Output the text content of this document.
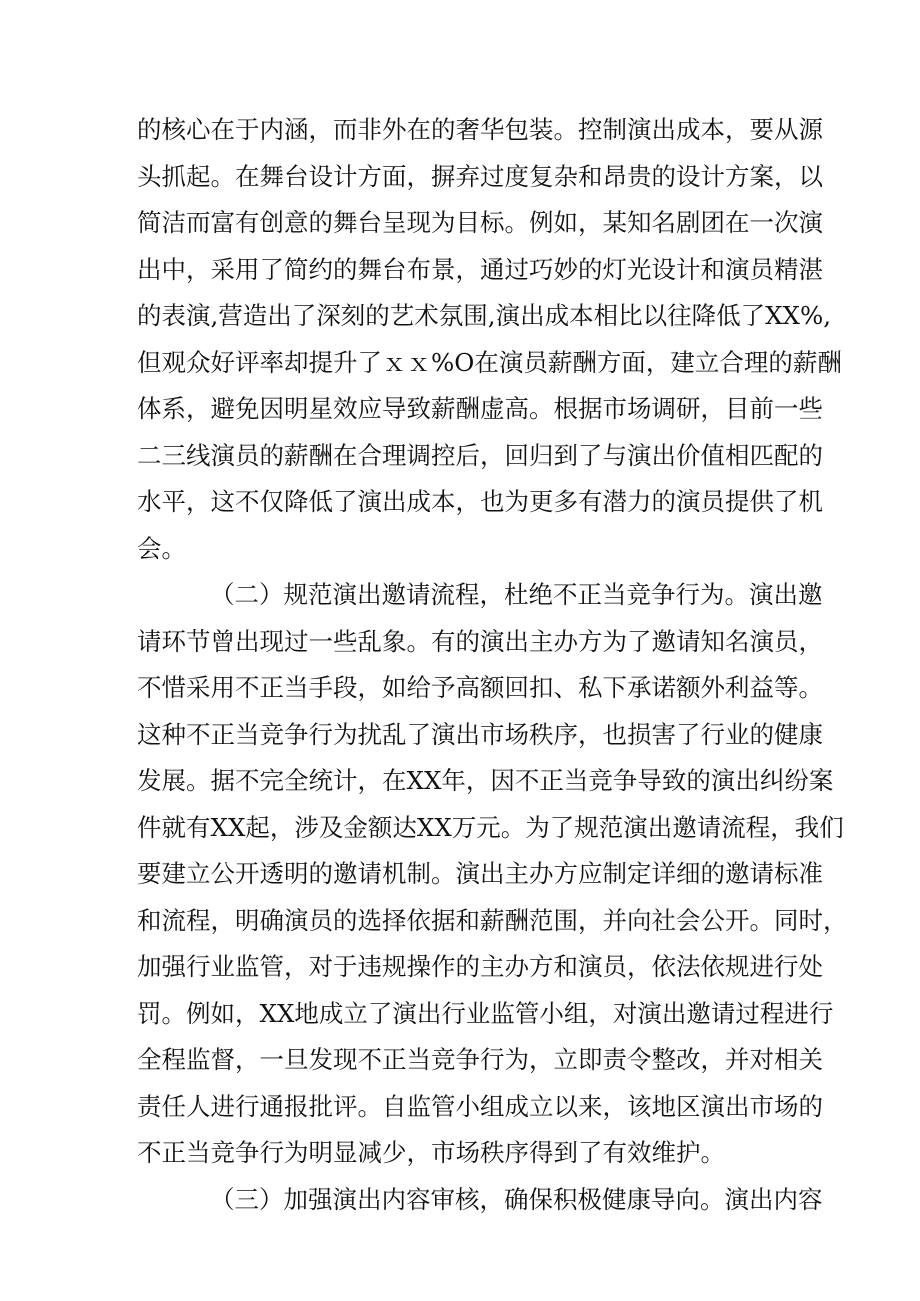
的核心在于内涵，而非外在的奢华包装。控制演出成本，要从源
头抓起。在舞台设计方面，摒弃过度复杂和昂贵的设计方案，以
简洁而富有创意的舞台呈现为目标。例如，某知名剧团在一次演
出中，采用了简约的舞台布景，通过巧妙的灯光设计和演员精湛
的表演,营造出了深刻的艺术氛围,演出成本相比以往降低了XX%,
但观众好评率却提升了ｘｘ%O在演员薪酬方面，建立合理的薪酬
体系，避免因明星效应导致薪酬虚高。根据市场调研，目前一些
二三线演员的薪酬在合理调控后，回归到了与演出价值相匹配的
水平，这不仅降低了演出成本，也为更多有潜力的演员提供了机
会。
（二）规范演出邀请流程，杜绝不正当竞争行为。演出邀
请环节曾出现过一些乱象。有的演出主办方为了邀请知名演员，
不惜采用不正当手段，如给予高额回扣、私下承诺额外利益等。
这种不正当竞争行为扰乱了演出市场秩序，也损害了行业的健康
发展。据不完全统计，在XX年，因不正当竞争导致的演出纠纷案
件就有XX起，涉及金额达XX万元。为了规范演出邀请流程，我们
要建立公开透明的邀请机制。演出主办方应制定详细的邀请标准
和流程，明确演员的选择依据和薪酬范围，并向社会公开。同时，
加强行业监管，对于违规操作的主办方和演员，依法依规进行处
罚。例如，XX地成立了演出行业监管小组，对演出邀请过程进行
全程监督，一旦发现不正当竞争行为，立即责令整改，并对相关
责任人进行通报批评。自监管小组成立以来，该地区演出市场的
不正当竞争行为明显减少，市场秩序得到了有效维护。
（三）加强演出内容审核，确保积极健康导向。演出内容
